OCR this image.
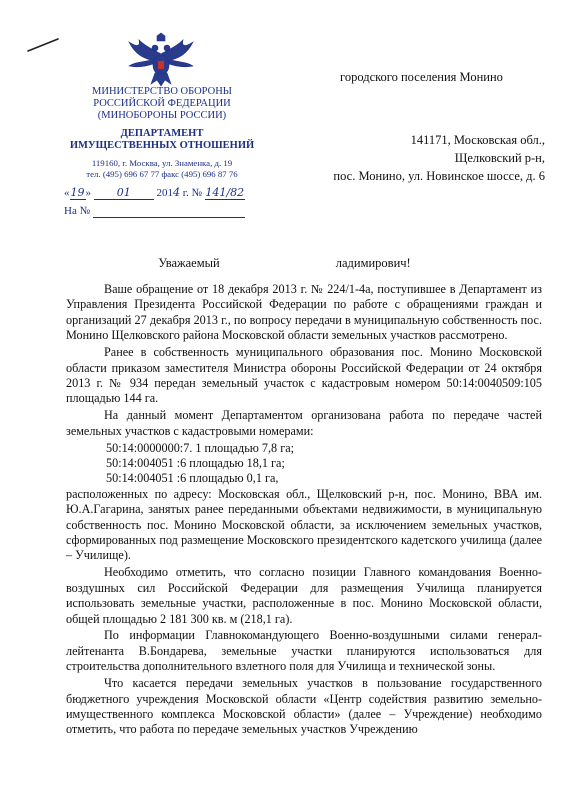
МИНИСТЕРСТВО ОБОРОНЫ
РОССИЙСКОЙ ФЕДЕРАЦИИ
(МИНОБОРОНЫ РОССИИ)
ДЕПАРТАМЕНТ
ИМУЩЕСТВЕННЫХ ОТНОШЕНИЙ
119160, г. Москва, ул. Знаменка, д. 19
тел. (495) 696 67 77 факс (495) 696 87 76
«19» 01 2014 г. № 141/82
На №
городского поселения Монино
141171, Московская обл.,
Щелковский р-н,
пос. Монино, ул. Новинское шоссе, д. 6
Уважаемый	ладимирович!

Ваше обращение от 18 декабря 2013 г. № 224/1-4а, поступившее в Департамент из Управления Президента Российской Федерации по работе с обращениями граждан и организаций 27 декабря 2013 г., по вопросу передачи в муниципальную собственность пос. Монино Щелковского района Московской области земельных участков рассмотрено.

Ранее в собственность муниципального образования пос. Монино Московской области приказом заместителя Министра обороны Российской Федерации от 24 октября 2013 г. № 934 передан земельный участок с кадастровым номером 50:14:0040509:105 площадью 144 га.

На данный момент Департаментом организована работа по передаче частей земельных участков с кадастровыми номерами:

50:14:0000000:7. 1 площадью 7,8 га;

50:14:004051 :6 площадью 18,1 га;

50:14:004051 :6 площадью 0,1 га,

расположенных по адресу: Московская обл., Щелковский р-н, пос. Монино, ВВА им. Ю.А.Гагарина, занятых ранее переданными объектами недвижимости, в муниципальную собственность пос. Монино Московской области, за исключением земельных участков, сформированных под размещение Московского президентского кадетского училища (далее – Училище).

Необходимо отметить, что согласно позиции Главного командования Военно-воздушных сил Российской Федерации для размещения Училища планируется использовать земельные участки, расположенные в пос. Монино Московской области, общей площадью 2 181 300 кв. м (218,1 га).

По информации Главнокомандующего Военно-воздушными силами генерал-лейтенанта В.Бондарева, земельные участки планируются использоваться для строительства дополнительного взлетного поля для Училища и технической зоны.

Что касается передачи земельных участков в пользование государственного бюджетного учреждения Московской области «Центр содействия развитию земельно-имущественного комплекса Московской области» (далее – Учреждение) необходимо отметить, что работа по передаче земельных участков Учреждению
